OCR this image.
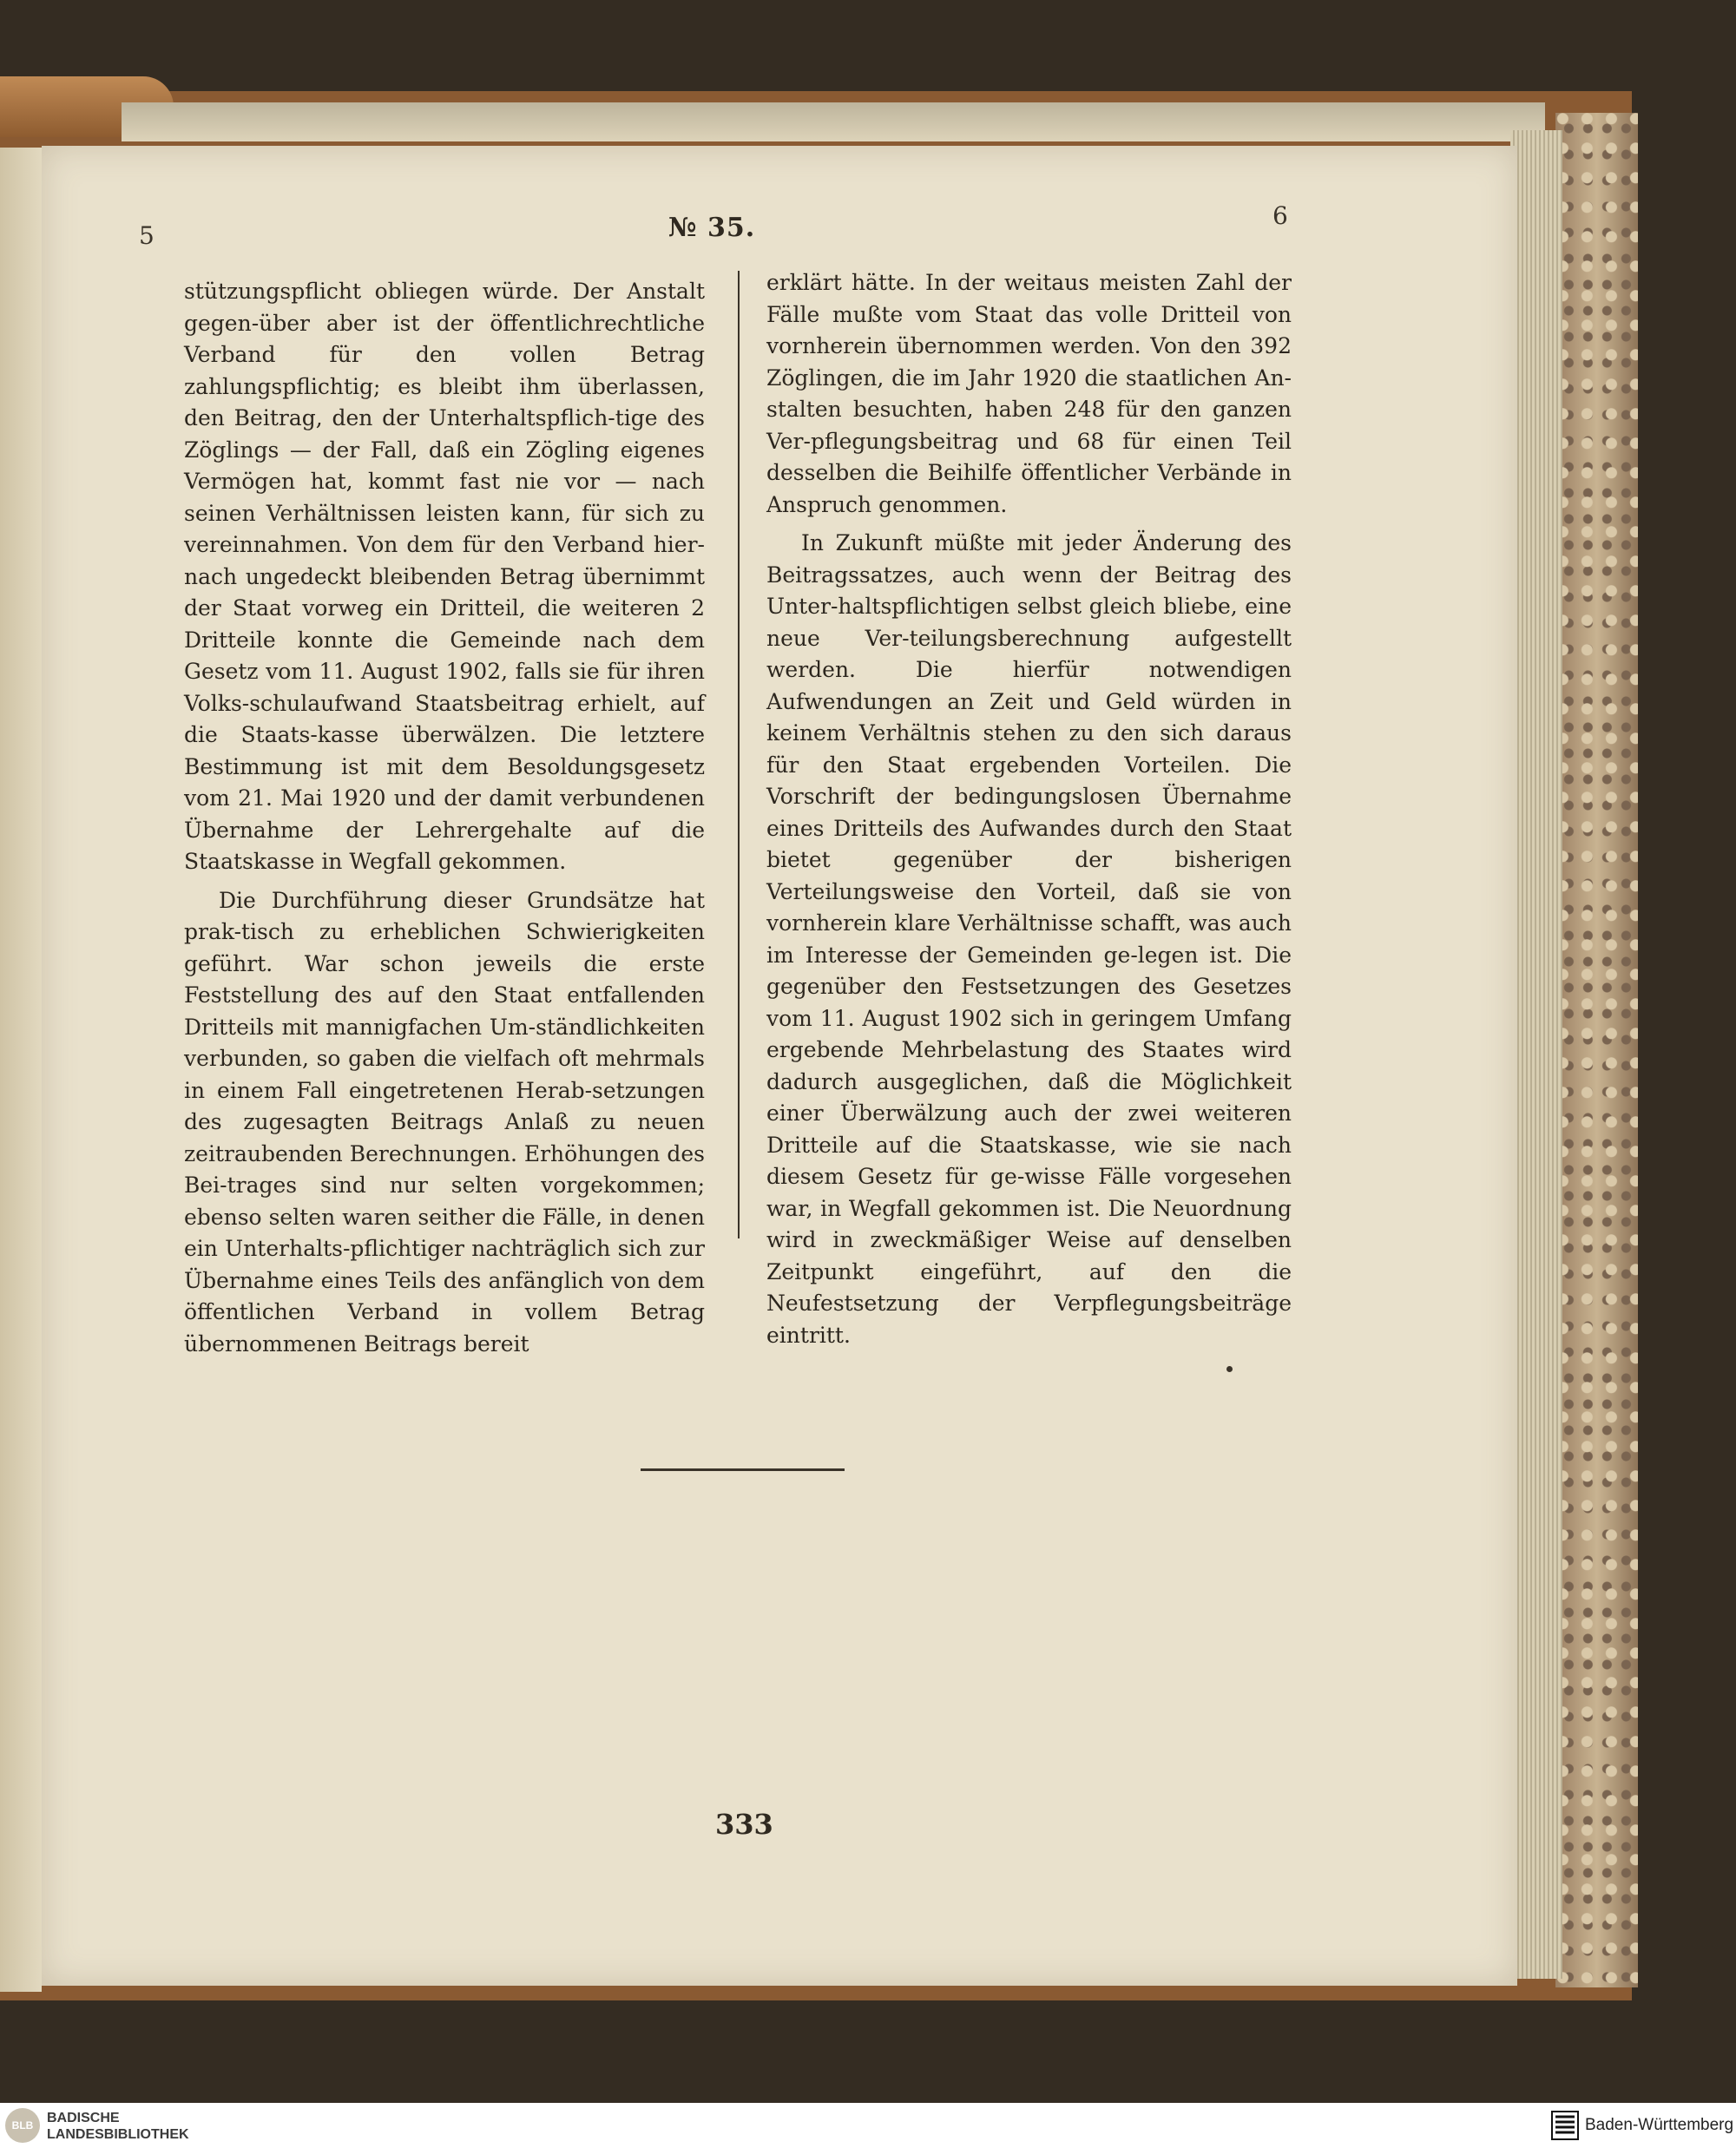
5	№ 35.	6

stützungspflicht obliegen würde. Der Anstalt gegen-über aber ist der öffentlichrechtliche Verband für den vollen Betrag zahlungspflichtig; es bleibt ihm überlassen, den Beitrag, den der Unterhaltspflich-tige des Zöglings — der Fall, daß ein Zögling eigenes Vermögen hat, kommt fast nie vor — nach seinen Verhältnissen leisten kann, für sich zu vereinnahmen. Von dem für den Verband hier-nach ungedeckt bleibenden Betrag übernimmt der Staat vorweg ein Dritteil, die weiteren 2 Dritteile konnte die Gemeinde nach dem Gesetz vom 11. August 1902, falls sie für ihren Volks-schulaufwand Staatsbeitrag erhielt, auf die Staats-kasse überwälzen. Die letztere Bestimmung ist mit dem Besoldungsgesetz vom 21. Mai 1920 und der damit verbundenen Übernahme der Lehrergehalte auf die Staatskasse in Wegfall gekommen.

Die Durchführung dieser Grundsätze hat prak-tisch zu erheblichen Schwierigkeiten geführt. War schon jeweils die erste Feststellung des auf den Staat entfallenden Dritteils mit mannigfachen Um-ständlichkeiten verbunden, so gaben die vielfach oft mehrmals in einem Fall eingetretenen Herab-setzungen des zugesagten Beitrags Anlaß zu neuen zeitraubenden Berechnungen. Erhöhungen des Bei-trages sind nur selten vorgekommen; ebenso selten waren seither die Fälle, in denen ein Unterhalts-pflichtiger nachträglich sich zur Übernahme eines Teils des anfänglich von dem öffentlichen Verband in vollem Betrag übernommenen Beitrags bereit

erklärt hätte. In der weitaus meisten Zahl der Fälle mußte vom Staat das volle Dritteil von vornherein übernommen werden. Von den 392 Zöglingen, die im Jahr 1920 die staatlichen An-stalten besuchten, haben 248 für den ganzen Ver-pflegungsbeitrag und 68 für einen Teil desselben die Beihilfe öffentlicher Verbände in Anspruch genommen.

In Zukunft müßte mit jeder Änderung des Beitragssatzes, auch wenn der Beitrag des Unter-haltspflichtigen selbst gleich bliebe, eine neue Ver-teilungsberechnung aufgestellt werden. Die hierfür notwendigen Aufwendungen an Zeit und Geld würden in keinem Verhältnis stehen zu den sich daraus für den Staat ergebenden Vorteilen. Die Vorschrift der bedingungslosen Übernahme eines Dritteils des Aufwandes durch den Staat bietet gegenüber der bisherigen Verteilungsweise den Vorteil, daß sie von vornherein klare Verhältnisse schafft, was auch im Interesse der Gemeinden ge-legen ist. Die gegenüber den Festsetzungen des Gesetzes vom 11. August 1902 sich in geringem Umfang ergebende Mehrbelastung des Staates wird dadurch ausgeglichen, daß die Möglichkeit einer Überwälzung auch der zwei weiteren Dritteile auf die Staatskasse, wie sie nach diesem Gesetz für ge-wisse Fälle vorgesehen war, in Wegfall gekommen ist. Die Neuordnung wird in zweckmäßiger Weise auf denselben Zeitpunkt eingeführt, auf den die Neufestsetzung der Verpflegungsbeiträge eintritt.

333
BLB BADISCHE
LANDESBIBLIOTHEK
Baden-Württemberg
